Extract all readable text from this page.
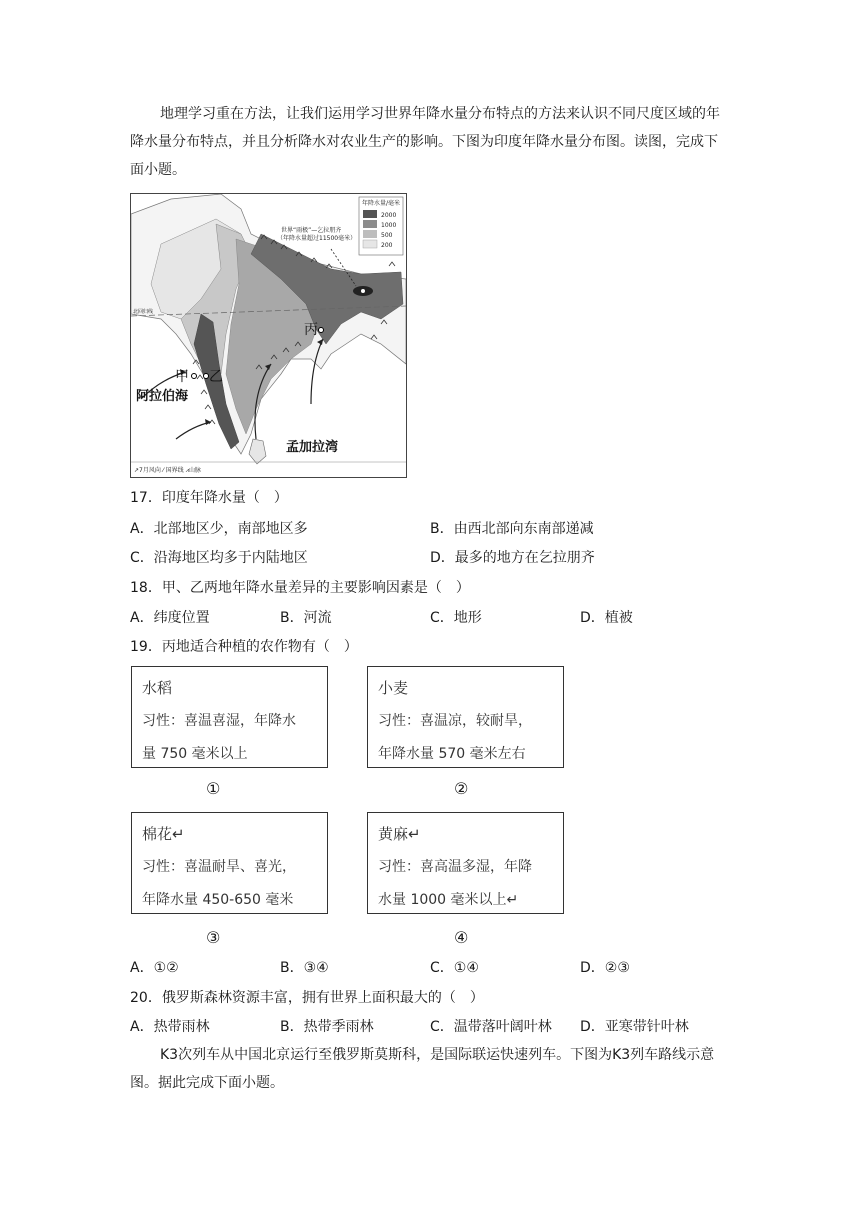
地理学习重在方法，让我们运用学习世界年降水量分布特点的方法来认识不同尺度区域的年降水量分布特点，并且分析降水对农业生产的影响。下图为印度年降水量分布图。读图，完成下面小题。
北回归线
世界“雨极”—乞拉朋齐
（年降水量超过11500毫米）
年降水量/毫米
2000
1000
500
200
甲 乙
丙
阿拉伯海
孟加拉湾
↗7月风向 ⁄ 国界线 ⩘山脉
17．印度年降水量（　）
A．北部地区少，南部地区多	B．由西北部向东南部递减
C．沿海地区均多于内陆地区	D．最多的地方在乞拉朋齐
18．甲、乙两地年降水量差异的主要影响因素是（　）
A．纬度位置	B．河流	C．地形	D．植被
19．丙地适合种植的农作物有（　）
水稻
习性：喜温喜湿，年降水
量 750 毫米以上
①
小麦
习性：喜温凉，较耐旱，
年降水量 570 毫米左右
②
棉花↵
习性：喜温耐旱、喜光，
年降水量 450-650 毫米
③
黄麻↵
习性：喜高温多湿，年降
水量 1000 毫米以上↵
④
A．①②	B．③④	C．①④	D．②③
20．俄罗斯森林资源丰富，拥有世界上面积最大的（　）
A．热带雨林	B．热带季雨林	C．温带落叶阔叶林 D．亚寒带针叶林
K3次列车从中国北京运行至俄罗斯莫斯科，是国际联运快速列车。下图为K3列车路线示意图。据此完成下面小题。
